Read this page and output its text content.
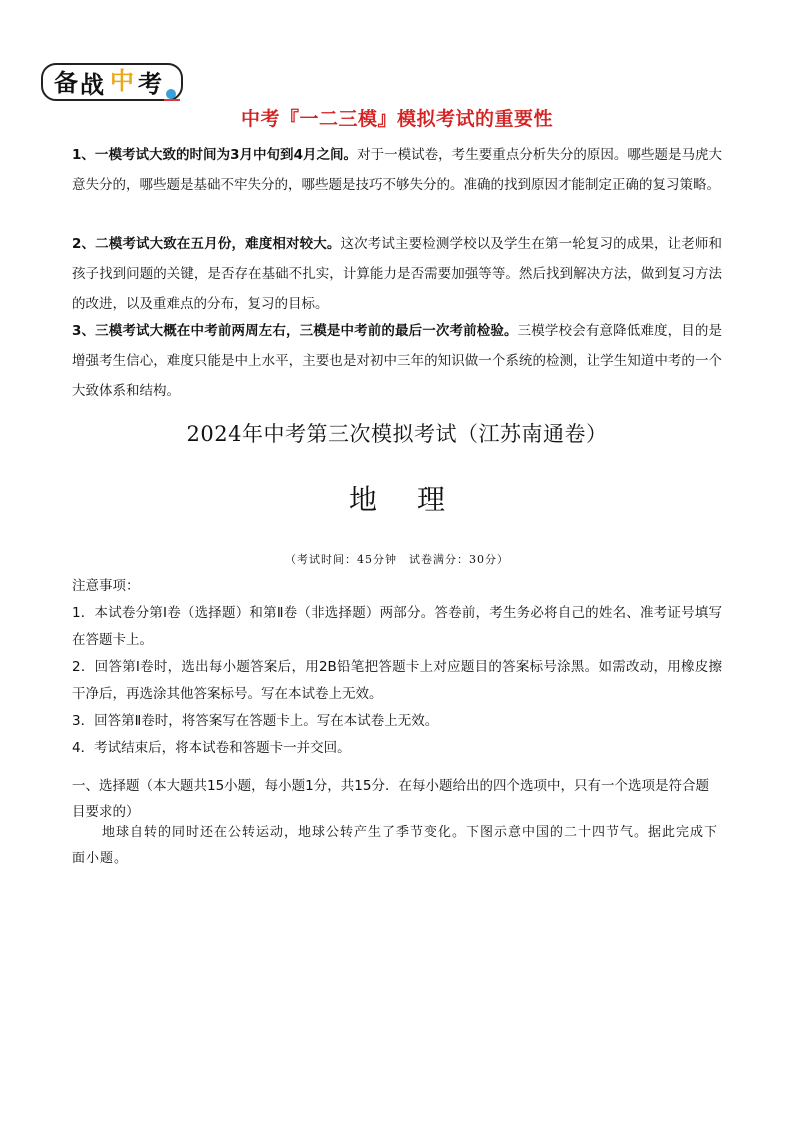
备 战 中 考
中考『一二三模』模拟考试的重要性
1、一模考试大致的时间为3月中旬到4月之间。对于一模试卷，考生要重点分析失分的原因。哪些题是马虎大意失分的，哪些题是基础不牢失分的，哪些题是技巧不够失分的。准确的找到原因才能制定正确的复习策略。
2、二模考试大致在五月份，难度相对较大。这次考试主要检测学校以及学生在第一轮复习的成果，让老师和孩子找到问题的关键，是否存在基础不扎实，计算能力是否需要加强等等。然后找到解决方法，做到复习方法的改进，以及重难点的分布，复习的目标。
3、三模考试大概在中考前两周左右，三模是中考前的最后一次考前检验。三模学校会有意降低难度，目的是增强考生信心，难度只能是中上水平，主要也是对初中三年的知识做一个系统的检测，让学生知道中考的一个大致体系和结构。
2024年中考第三次模拟考试（江苏南通卷）
地理
（考试时间：45分钟　试卷满分：30分）
注意事项：
1．本试卷分第Ⅰ卷（选择题）和第Ⅱ卷（非选择题）两部分。答卷前，考生务必将自己的姓名、准考证号填写在答题卡上。
2．回答第Ⅰ卷时，选出每小题答案后，用2B铅笔把答题卡上对应题目的答案标号涂黑。如需改动，用橡皮擦干净后，再选涂其他答案标号。写在本试卷上无效。
3．回答第Ⅱ卷时，将答案写在答题卡上。写在本试卷上无效。
4．考试结束后，将本试卷和答题卡一并交回。
一、选择题（本大题共15小题，每小题1分，共15分．在每小题给出的四个选项中，只有一个选项是符合题目要求的）
地球自转的同时还在公转运动，地球公转产生了季节变化。下图示意中国的二十四节气。据此完成下面小题。
